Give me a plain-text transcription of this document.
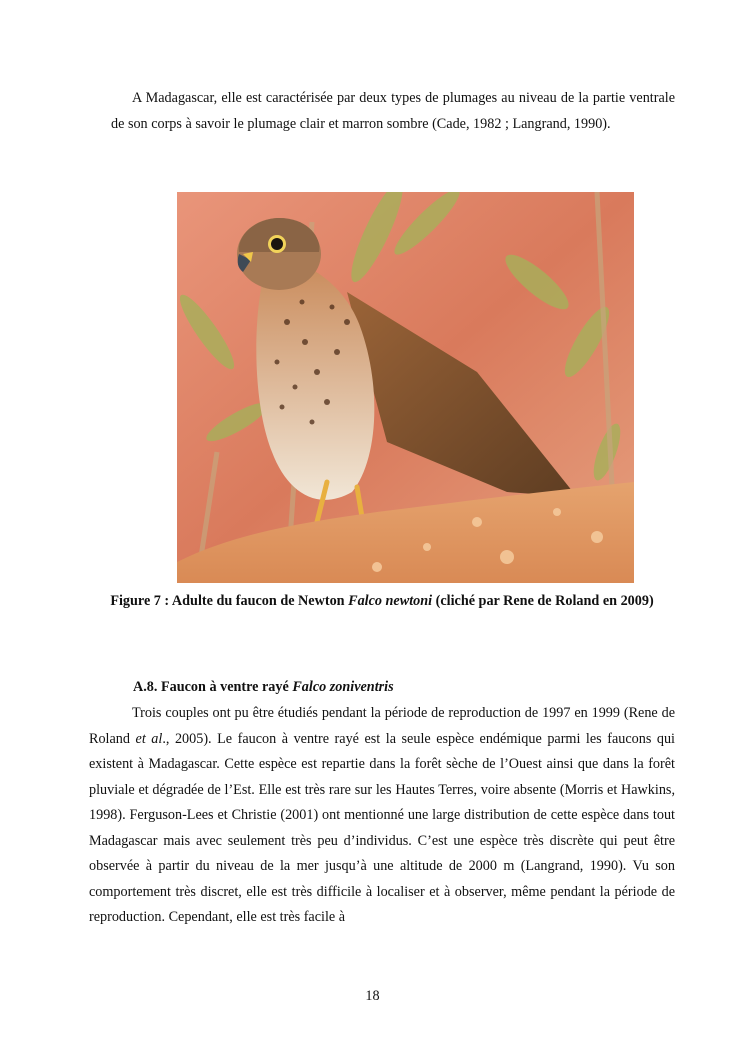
A Madagascar, elle est caractérisée par deux types de plumages au niveau de la partie ventrale de son corps à savoir le plumage clair et marron sombre (Cade, 1982 ; Langrand, 1990).

Figure 7 : Adulte du faucon de Newton Falco newtoni (cliché par Rene de Roland en 2009)

A.8. Faucon à ventre rayé Falco zoniventris

Trois couples ont pu être étudiés pendant la période de reproduction de 1997 en 1999 (Rene de Roland et al., 2005). Le faucon à ventre rayé est la seule espèce endémique parmi les faucons qui existent à Madagascar. Cette espèce est repartie dans la forêt sèche de l’Ouest ainsi que dans la forêt pluviale et dégradée de l’Est. Elle est très rare sur les Hautes Terres, voire absente (Morris et Hawkins, 1998). Ferguson-Lees et Christie (2001) ont mentionné une large distribution de cette espèce dans tout Madagascar mais avec seulement très peu d’individus. C’est une espèce très discrète qui peut être observée à partir du niveau de la mer jusqu’à une altitude de 2000 m (Langrand, 1990). Vu son comportement très discret, elle est très difficile à localiser et à observer, même pendant la période de reproduction. Cependant, elle est très facile à

18
